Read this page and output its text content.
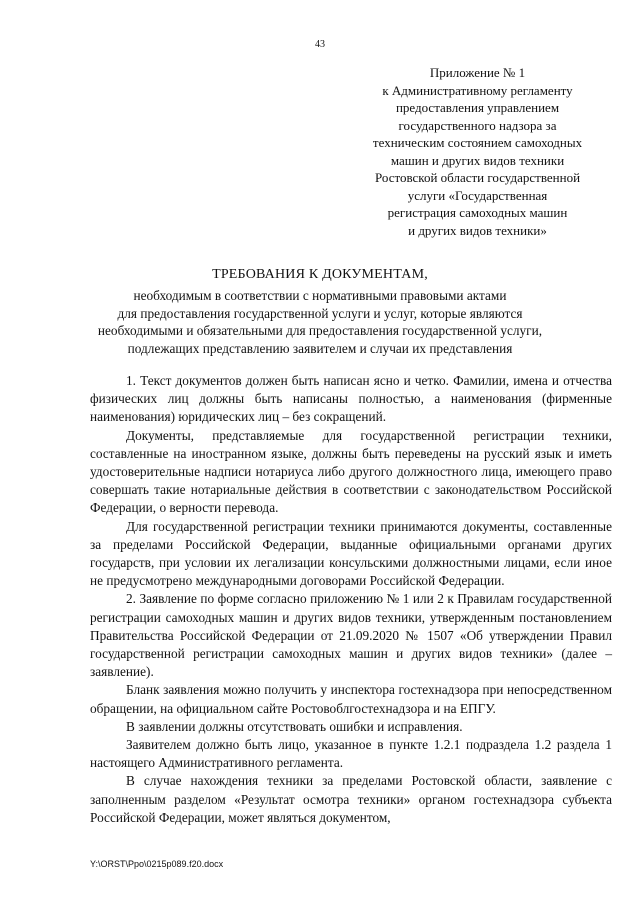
43
Приложение № 1
к Административному регламенту
предоставления управлением
государственного надзора за
техническим состоянием самоходных
машин и других видов техники
Ростовской области государственной
услуги «Государственная
регистрация самоходных машин
и других видов техники»
ТРЕБОВАНИЯ К ДОКУМЕНТАМ,
необходимым в соответствии с нормативными правовыми актами
для предоставления государственной услуги и услуг, которые являются
необходимыми и обязательными для предоставления государственной услуги,
подлежащих представлению заявителем и случаи их представления

1. Текст документов должен быть написан ясно и четко. Фамилии, имена и отчества физических лиц должны быть написаны полностью, а наименования (фирменные наименования) юридических лиц – без сокращений.

Документы, представляемые для государственной регистрации техники, составленные на иностранном языке, должны быть переведены на русский язык и иметь удостоверительные надписи нотариуса либо другого должностного лица, имеющего право совершать такие нотариальные действия в соответствии с законодательством Российской Федерации, о верности перевода.

Для государственной регистрации техники принимаются документы, составленные за пределами Российской Федерации, выданные официальными органами других государств, при условии их легализации консульскими должностными лицами, если иное не предусмотрено международными договорами Российской Федерации.

2. Заявление по форме согласно приложению № 1 или 2 к Правилам государственной регистрации самоходных машин и других видов техники, утвержденным постановлением Правительства Российской Федерации от 21.09.2020 № 1507 «Об утверждении Правил государственной регистрации самоходных машин и других видов техники» (далее – заявление).

Бланк заявления можно получить у инспектора гостехнадзора при непосредственном обращении, на официальном сайте Ростовоблгостехнадзора и на ЕПГУ.

В заявлении должны отсутствовать ошибки и исправления.

Заявителем должно быть лицо, указанное в пункте 1.2.1 подраздела 1.2 раздела 1 настоящего Административного регламента.

В случае нахождения техники за пределами Ростовской области, заявление с заполненным разделом «Результат осмотра техники» органом гостехнадзора субъекта Российской Федерации, может являться документом,

Y:\ORST\Ppo\0215p089.f20.docx
